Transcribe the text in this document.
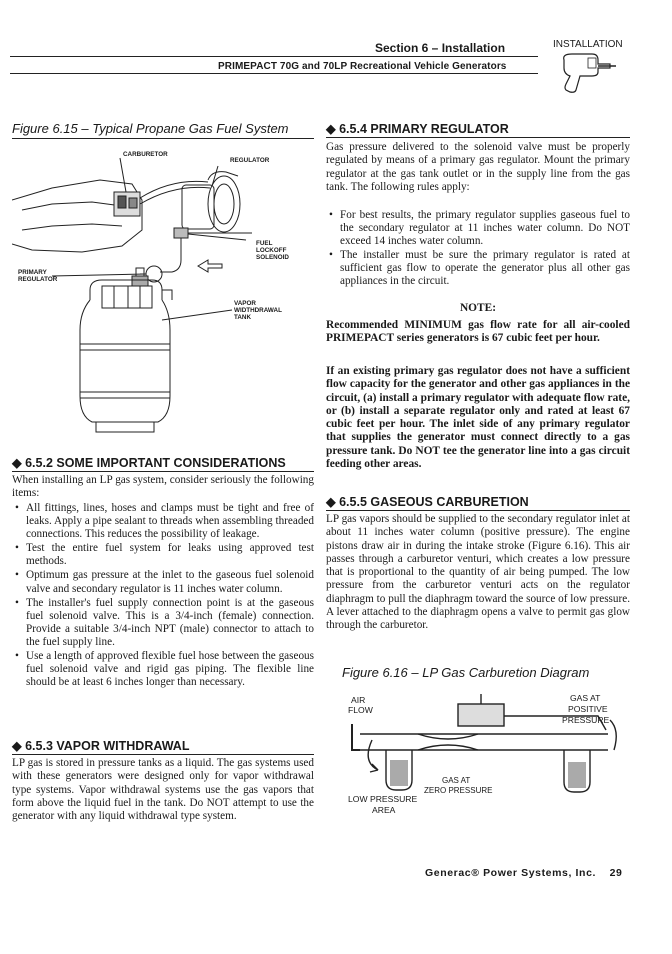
Section 6 – Installation
PRIMEPACT 70G and 70LP Recreational Vehicle Generators
INSTALLATION
Figure 6.15 – Typical Propane Gas Fuel System
CARBURETOR
REGULATOR
FUEL
LOCKOFF
SOLENOID
PRIMARY
REGULATOR
VAPOR
WIDTHDRAWAL
TANK
◆ 6.5.2 SOME IMPORTANT CONSIDERATIONS
When installing an LP gas system, consider seriously the following items:
• All fittings, lines, hoses and clamps must be tight and free of leaks. Apply a pipe sealant to threads when assembling threaded connections. This reduces the possibility of leakage.
• Test the entire fuel system for leaks using approved test methods.
• Optimum gas pressure at the inlet to the gaseous fuel solenoid valve and secondary regulator is 11 inches water column.
• The installer's fuel supply connection point is at the gaseous fuel solenoid valve. This is a 3/4-inch (female) connection. Provide a suitable 3/4-inch NPT (male) connector to attach to the fuel supply line.
• Use a length of approved flexible fuel hose between the gaseous fuel solenoid valve and rigid gas piping. The flexible line should be at least 6 inches longer than necessary.
◆ 6.5.3 VAPOR WITHDRAWAL
LP gas is stored in pressure tanks as a liquid. The gas systems used with these generators were designed only for vapor withdrawal type systems. Vapor withdrawal systems use the gas vapors that form above the liquid fuel in the tank. Do NOT attempt to use the generator with any liquid withdrawal type system.
◆ 6.5.4 PRIMARY REGULATOR
Gas pressure delivered to the solenoid valve must be properly regulated by means of a primary gas regulator. Mount the primary regulator at the gas tank outlet or in the supply line from the gas tank. The following rules apply:
• For best results, the primary regulator supplies gaseous fuel to the secondary regulator at 11 inches water column. Do NOT exceed 14 inches water column.
• The installer must be sure the primary regulator is rated at sufficient gas flow to operate the generator plus all other gas appliances in the circuit.
NOTE:
Recommended MINIMUM gas flow rate for all air-cooled PRIMEPACT series generators is 67 cubic feet per hour.
If an existing primary gas regulator does not have a sufficient flow capacity for the generator and other gas appliances in the circuit, (a) install a primary regulator with adequate flow rate, or (b) install a separate regulator only and rated at least 67 cubic feet per hour. The inlet side of any primary regulator that supplies the generator must connect directly to a gas pressure tank. Do NOT tee the generator line into a gas circuit feeding other areas.
◆ 6.5.5 GASEOUS CARBURETION
LP gas vapors should be supplied to the secondary regulator inlet at about 11 inches water column (positive pressure). The engine pistons draw air in during the intake stroke (Figure 6.16). This air passes through a carburetor venturi, which creates a low pressure that is proportional to the quantity of air being pumped. The low pressure from the carburetor venturi acts on the regulator diaphragm to pull the diaphragm toward the source of low pressure. A lever attached to the diaphragm opens a valve to permit gas glow through the carburetor.
Figure 6.16 – LP Gas Carburetion Diagram
AIR
FLOW
GAS AT
POSITIVE
PRESSURE
GAS AT
ZERO PRESSURE
LOW PRESSURE
AREA
Generac® Power Systems, Inc. 29
